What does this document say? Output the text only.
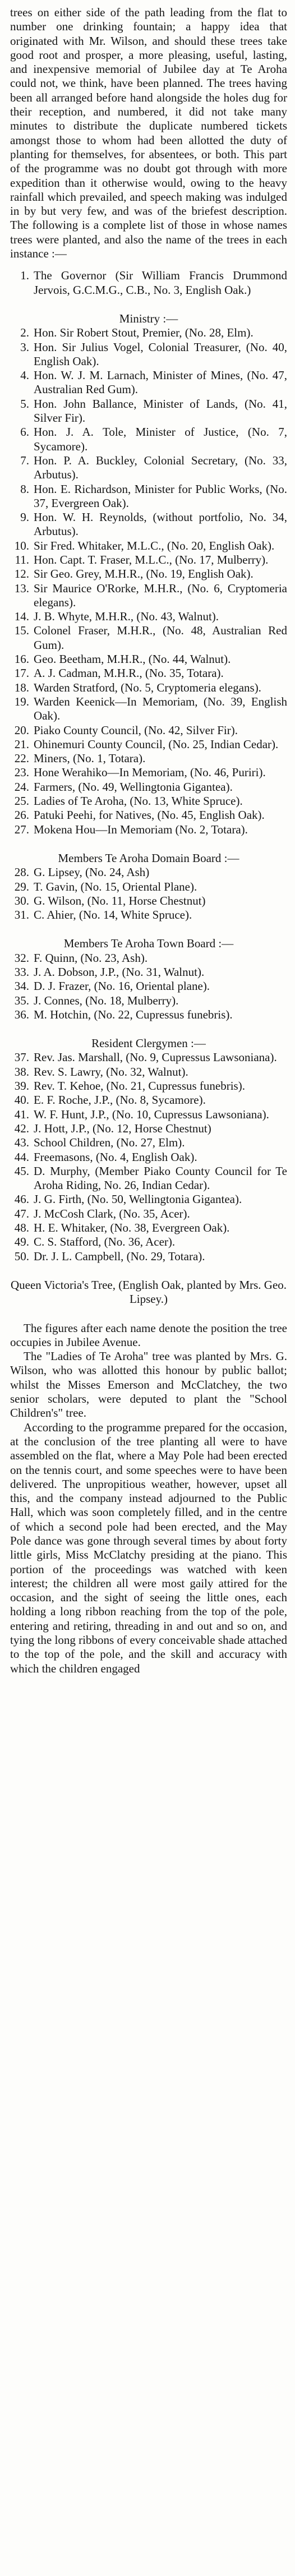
trees on either side of the path leading from the flat to number one drinking fountain; a happy idea that originated with Mr. Wilson, and should these trees take good root and prosper, a more pleasing, useful, lasting, and inexpensive memorial of Jubilee day at Te Aroha could not, we think, have been planned. The trees having been all arranged before hand alongside the holes dug for their reception, and numbered, it did not take many minutes to distribute the duplicate numbered tickets amongst those to whom had been allotted the duty of planting for themselves, for absentees, or both. This part of the programme was no doubt got through with more expedition than it otherwise would, owing to the heavy rainfall which prevailed, and speech making was indulged in by but very few, and was of the briefest description. The following is a complete list of those in whose names trees were planted, and also the name of the trees in each instance :—

1. The Governor (Sir William Francis Drummond Jervois, G.C.M.G., C.B., No. 3, English Oak.)

Ministry :—

2. Hon. Sir Robert Stout, Premier, (No. 28, Elm).
3. Hon. Sir Julius Vogel, Colonial Treasurer, (No. 40, English Oak).
4. Hon. W. J. M. Larnach, Minister of Mines, (No. 47, Australian Red Gum).
5. Hon. John Ballance, Minister of Lands, (No. 41, Silver Fir).
6. Hon. J. A. Tole, Minister of Justice, (No. 7, Sycamore).
7. Hon. P. A. Buckley, Colonial Secretary, (No. 33, Arbutus).
8. Hon. E. Richardson, Minister for Public Works, (No. 37, Evergreen Oak).
9. Hon. W. H. Reynolds, (without portfolio, No. 34, Arbutus).
10. Sir Fred. Whitaker, M.L.C., (No. 20, English Oak).
11. Hon. Capt. T. Fraser, M.L.C., (No. 17, Mulberry).
12. Sir Geo. Grey, M.H.R., (No. 19, English Oak).
13. Sir Maurice O'Rorke, M.H.R., (No. 6, Cryptomeria elegans).
14. J. B. Whyte, M.H.R., (No. 43, Walnut).
15. Colonel Fraser, M.H.R., (No. 48, Australian Red Gum).
16. Geo. Beetham, M.H.R., (No. 44, Walnut).
17. A. J. Cadman, M.H.R., (No. 35, Totara).
18. Warden Stratford, (No. 5, Cryptomeria elegans).
19. Warden Keenick—In Memoriam, (No. 39, English Oak).
20. Piako County Council, (No. 42, Silver Fir).
21. Ohinemuri County Council, (No. 25, Indian Cedar).
22. Miners, (No. 1, Totara).
23. Hone Werahiko—In Memoriam, (No. 46, Puriri).
24. Farmers, (No. 49, Wellingtonia Gigantea).
25. Ladies of Te Aroha, (No. 13, White Spruce).
26. Patuki Peehi, for Natives, (No. 45, English Oak).
27. Mokena Hou—In Memoriam (No. 2, Totara).

Members Te Aroha Domain Board :—

28. G. Lipsey, (No. 24, Ash)
29. T. Gavin, (No. 15, Oriental Plane).
30. G. Wilson, (No. 11, Horse Chestnut)
31. C. Ahier, (No. 14, White Spruce).

Members Te Aroha Town Board :—

32. F. Quinn, (No. 23, Ash).
33. J. A. Dobson, J.P., (No. 31, Walnut).
34. D. J. Frazer, (No. 16, Oriental plane).
35. J. Connes, (No. 18, Mulberry).
36. M. Hotchin, (No. 22, Cupressus funebris).

Resident Clergymen :—

37. Rev. Jas. Marshall, (No. 9, Cupressus Lawsoniana).
38. Rev. S. Lawry, (No. 32, Walnut).
39. Rev. T. Kehoe, (No. 21, Cupressus funebris).
40. E. F. Roche, J.P., (No. 8, Sycamore).
41. W. F. Hunt, J.P., (No. 10, Cupressus Lawsoniana).
42. J. Hott, J.P., (No. 12, Horse Chestnut)
43. School Children, (No. 27, Elm).
44. Freemasons, (No. 4, English Oak).
45. D. Murphy, (Member Piako County Council for Te Aroha Riding, No. 26, Indian Cedar).
46. J. G. Firth, (No. 50, Wellingtonia Gigantea).
47. J. McCosh Clark, (No. 35, Acer).
48. H. E. Whitaker, (No. 38, Evergreen Oak).
49. C. S. Stafford, (No. 36, Acer).
50. Dr. J. L. Campbell, (No. 29, Totara).

Queen Victoria's Tree, (English Oak, planted by Mrs. Geo. Lipsey.)

The figures after each name denote the position the tree occupies in Jubilee Avenue.

The "Ladies of Te Aroha" tree was planted by Mrs. G. Wilson, who was allotted this honour by public ballot; whilst the Misses Emerson and McClatchey, the two senior scholars, were deputed to plant the "School Children's" tree.

According to the programme prepared for the occasion, at the conclusion of the tree planting all were to have assembled on the flat, where a May Pole had been erected on the tennis court, and some speeches were to have been delivered. The unpropitious weather, however, upset all this, and the company instead adjourned to the Public Hall, which was soon completely filled, and in the centre of which a second pole had been erected, and the May Pole dance was gone through several times by about forty little girls, Miss McClatchy presiding at the piano. This portion of the proceedings was watched with keen interest; the children all were most gaily attired for the occasion, and the sight of seeing the little ones, each holding a long ribbon reaching from the top of the pole, entering and retiring, threading in and out and so on, and tying the long ribbons of every conceivable shade attached to the top of the pole, and the skill and accuracy with which the children engaged
